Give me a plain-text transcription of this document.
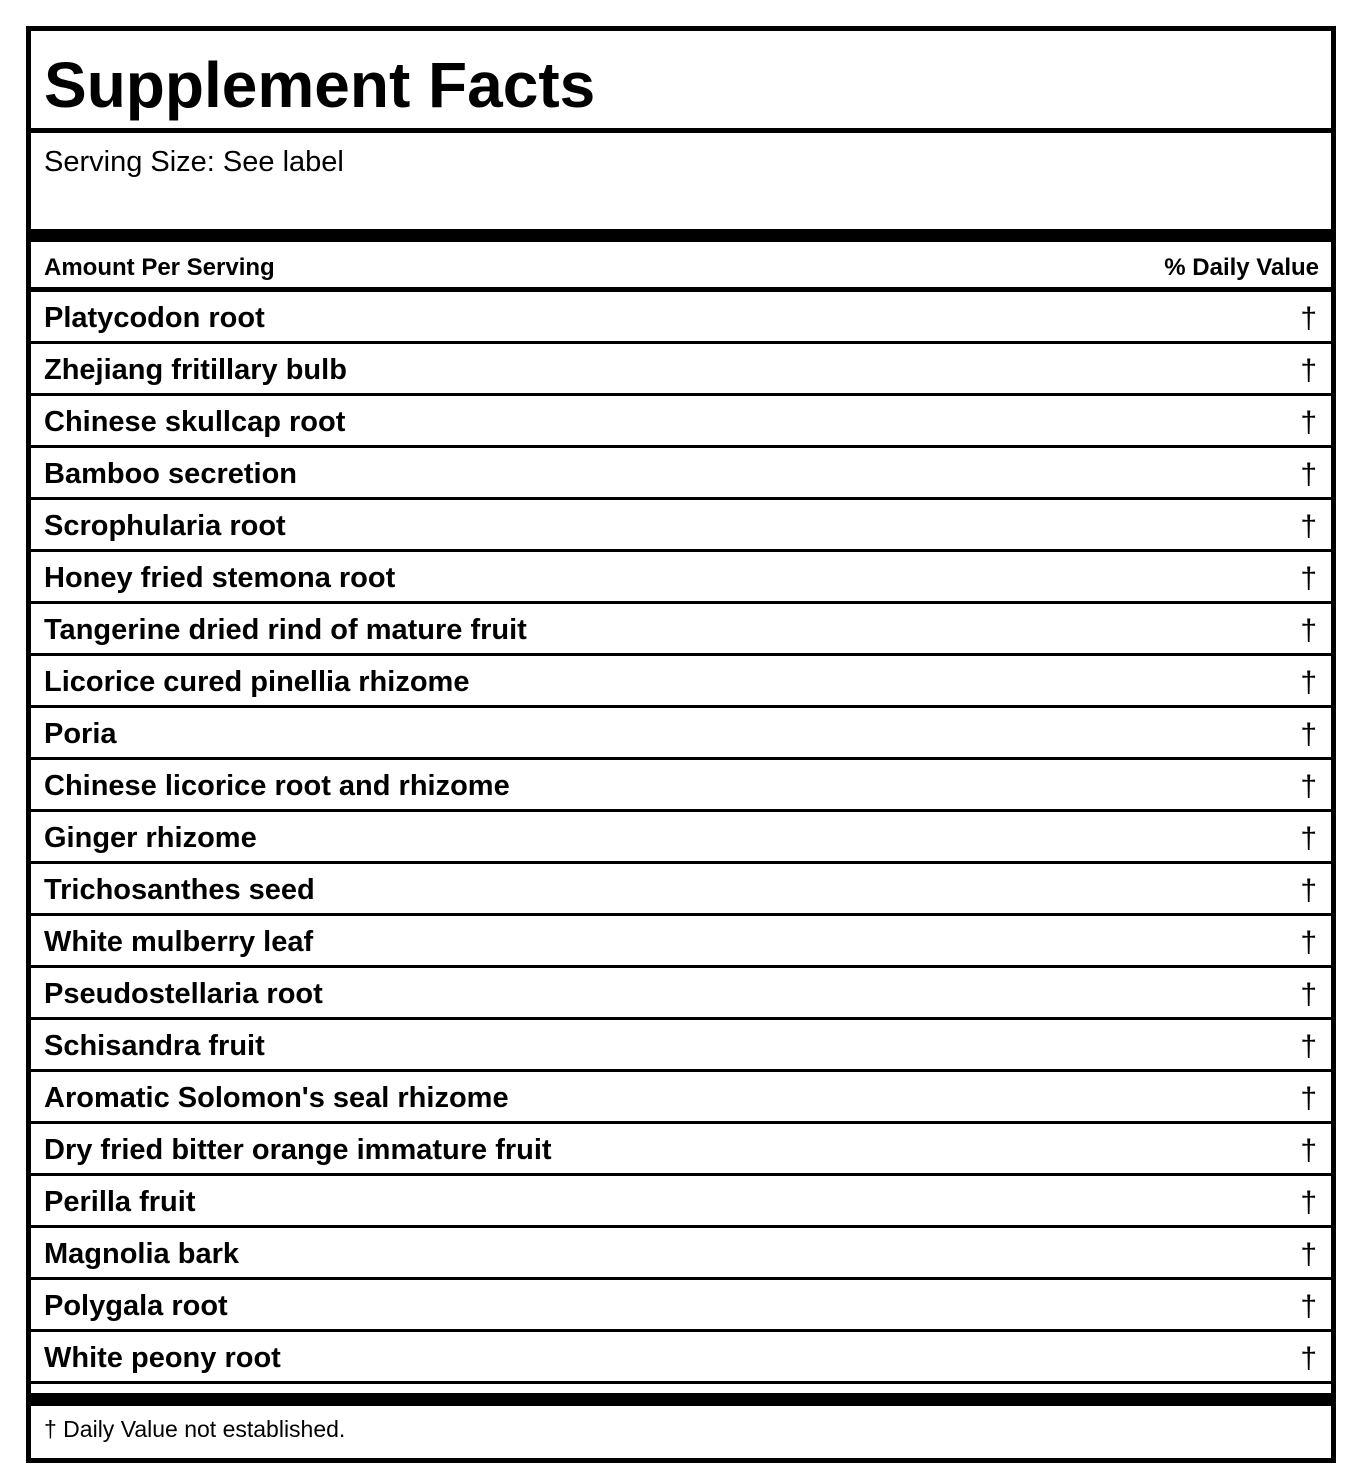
Supplement Facts
Serving Size: See label
Amount Per Serving	% Daily Value
Platycodon root	†
Zhejiang fritillary bulb	†
Chinese skullcap root	†
Bamboo secretion	†
Scrophularia root	†
Honey fried stemona root	†
Tangerine dried rind of mature fruit	†
Licorice cured pinellia rhizome	†
Poria	†
Chinese licorice root and rhizome	†
Ginger rhizome	†
Trichosanthes seed	†
White mulberry leaf	†
Pseudostellaria root	†
Schisandra fruit	†
Aromatic Solomon's seal rhizome	†
Dry fried bitter orange immature fruit	†
Perilla fruit	†
Magnolia bark	†
Polygala root	†
White peony root	†
† Daily Value not established.
